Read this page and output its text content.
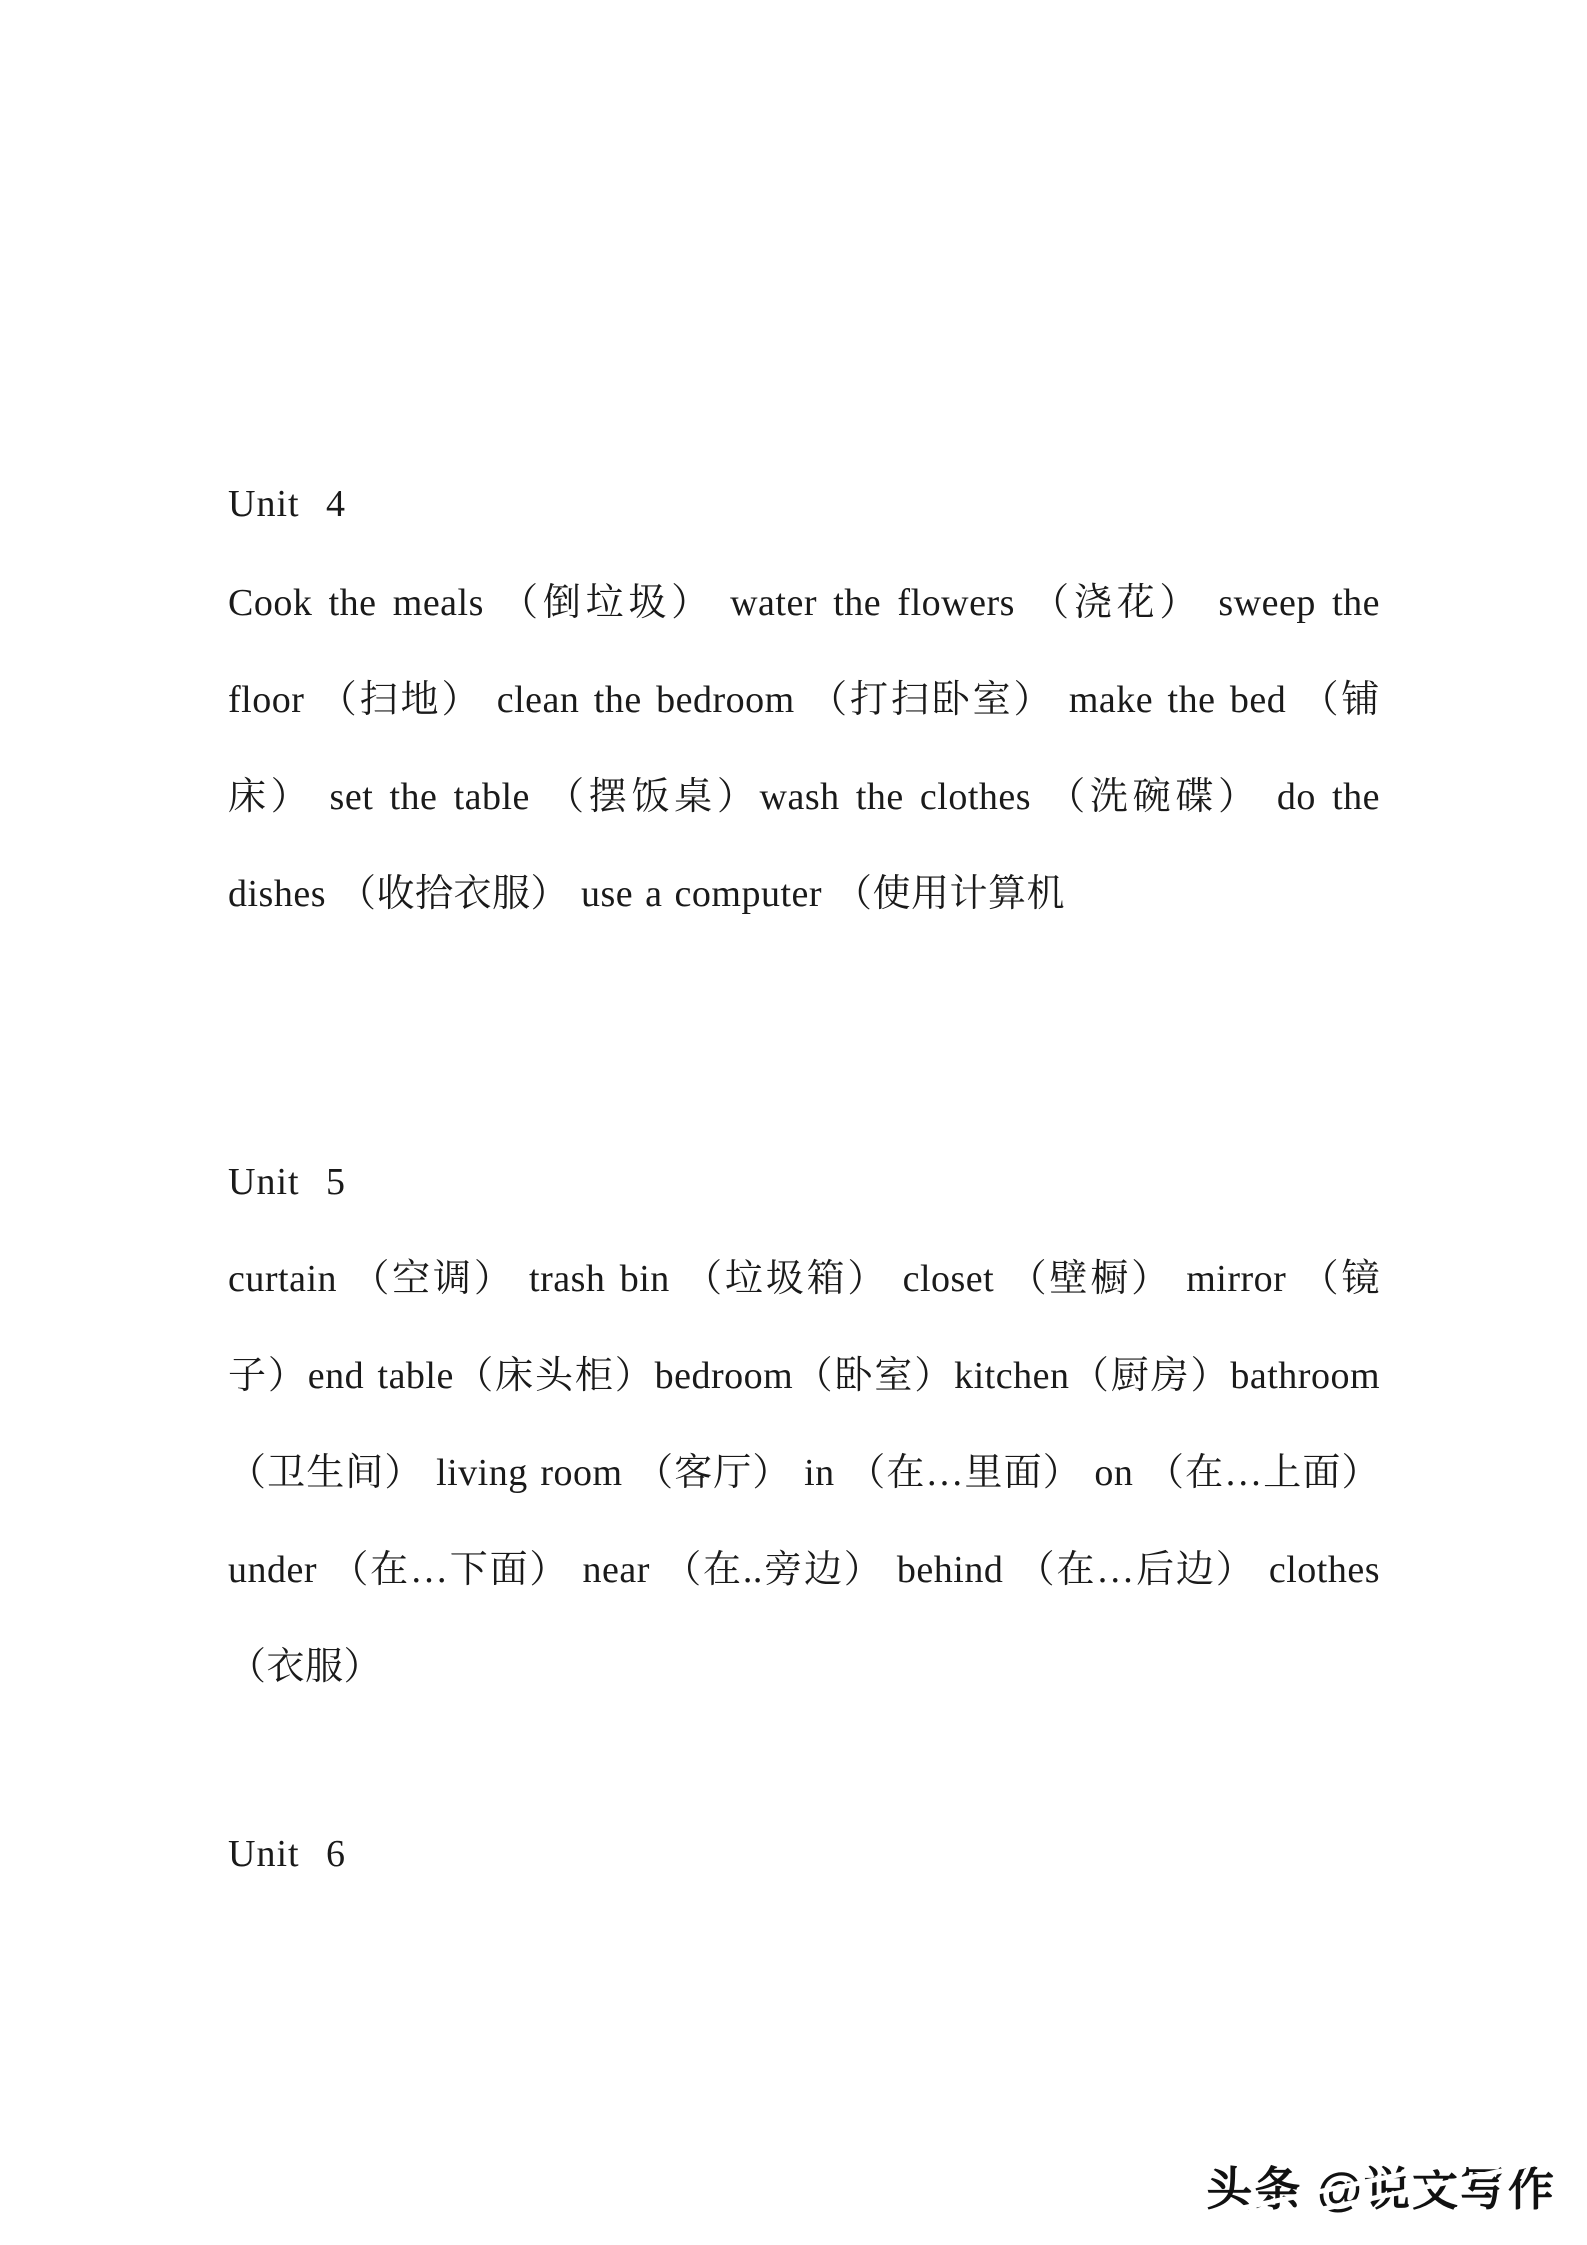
Unit 4
Cook the meals （倒垃圾） water the flowers （浇花） sweep the
floor （扫地） clean the bedroom （打扫卧室） make the bed （铺
床） set the table （摆饭桌）wash the clothes （洗碗碟） do the
dishes （收拾衣服） use a computer （使用计算机
Unit 5
curtain （空调） trash bin （垃圾箱） closet （壁橱） mirror （镜
子）end table（床头柜）bedroom（卧室）kitchen（厨房）bathroom
（卫生间） living room （客厅） in （在…里面） on （在…上面）
under （在…下面） near （在..旁边） behind （在…后边） clothes
（衣服）
Unit 6
头条 @说文写作
